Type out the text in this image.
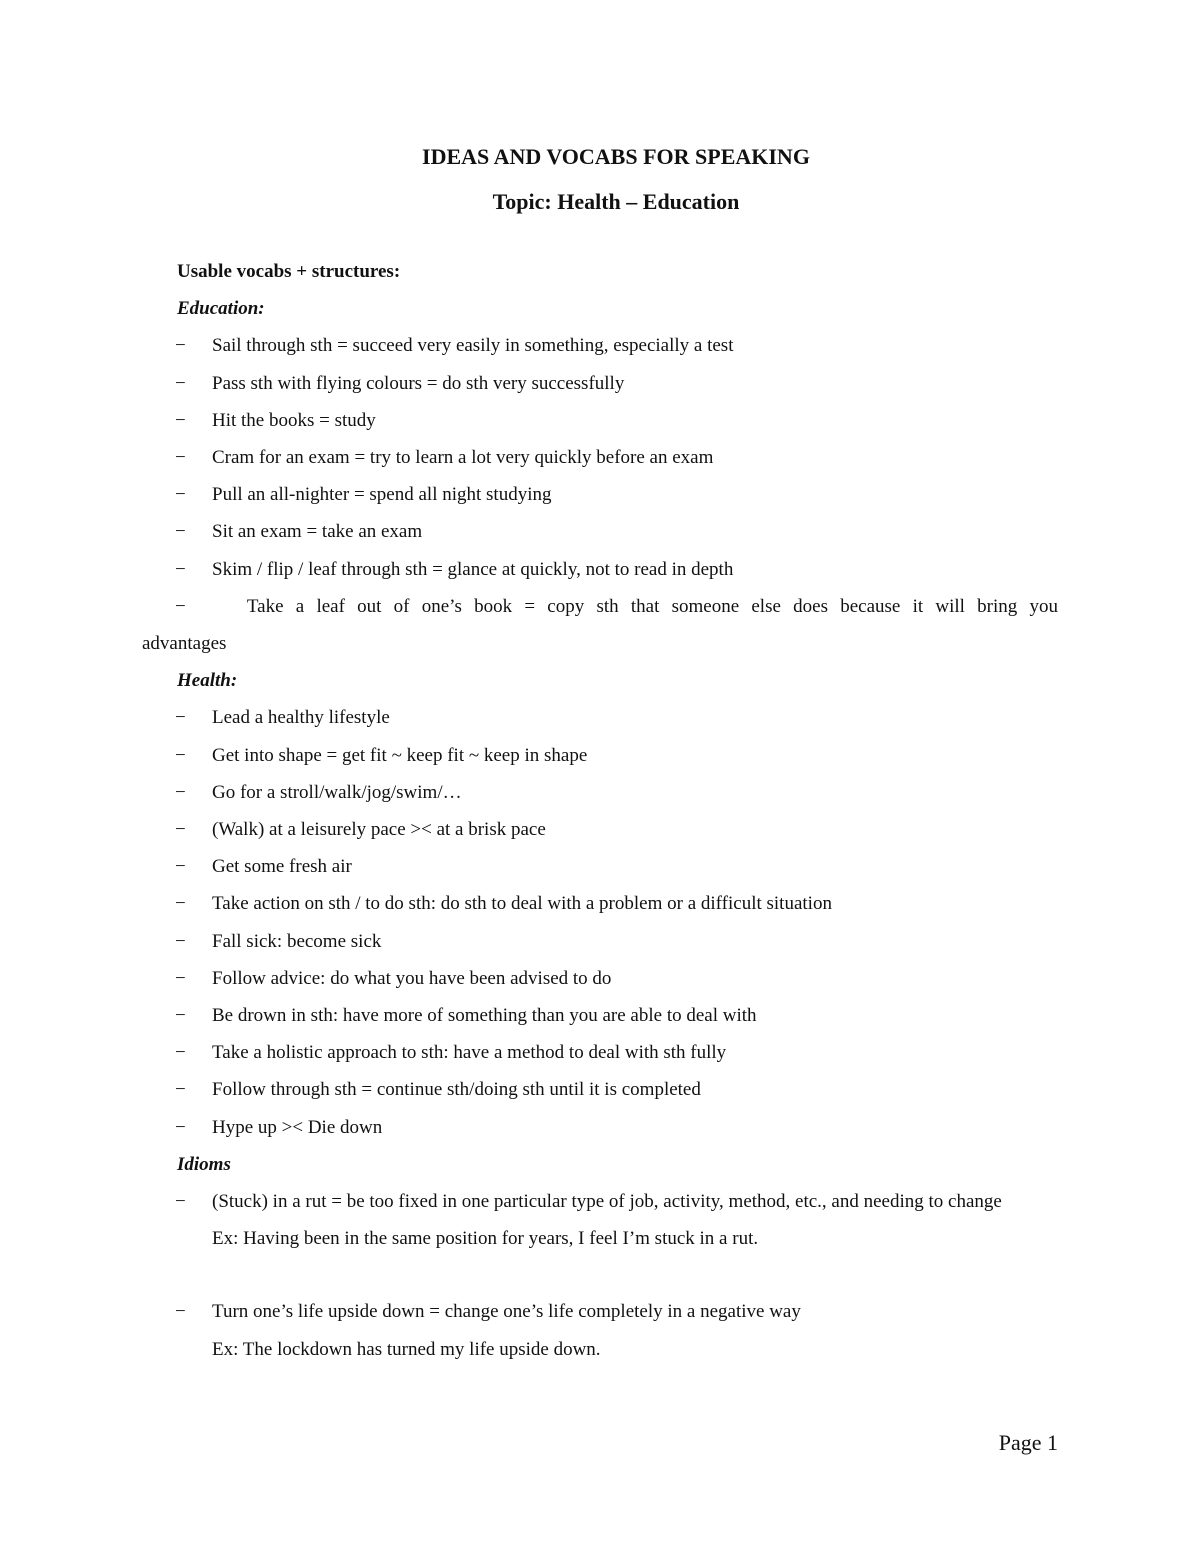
IDEAS AND VOCABS FOR SPEAKING
Topic: Health – Education
Usable vocabs + structures:
Education:
−	Sail through sth = succeed very easily in something, especially a test
−	Pass sth with flying colours = do sth very successfully
−	Hit the books = study
−	Cram for an exam = try to learn a lot very quickly before an exam
−	Pull an all-nighter = spend all night studying
−	Sit an exam = take an exam
−	Skim / flip / leaf through sth = glance at quickly, not to read in depth
−	Take a leaf out of one’s book = copy sth that someone else does because it will bring you
advantages
Health:
−	Lead a healthy lifestyle
−	Get into shape = get fit ~ keep fit ~ keep in shape
−	Go for a stroll/walk/jog/swim/…
−	(Walk) at a leisurely pace >< at a brisk pace
−	Get some fresh air
−	Take action on sth / to do sth: do sth to deal with a problem or a difficult situation
−	Fall sick: become sick
−	Follow advice: do what you have been advised to do
−	Be drown in sth: have more of something than you are able to deal with
−	Take a holistic approach to sth: have a method to deal with sth fully
−	Follow through sth = continue sth/doing sth until it is completed
−	Hype up >< Die down
Idioms
−	(Stuck) in a rut = be too fixed in one particular type of job, activity, method, etc., and needing to change
Ex: Having been in the same position for years, I feel I’m stuck in a rut.
−	Turn one’s life upside down = change one’s life completely in a negative way
Ex: The lockdown has turned my life upside down.
Page 1
